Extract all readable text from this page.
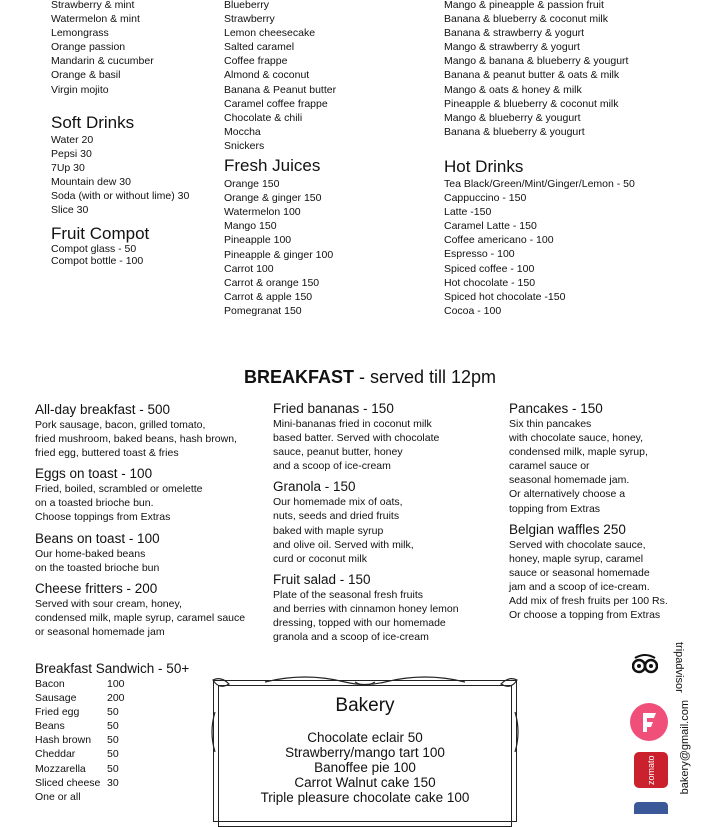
Strawberry & mint
Watermelon & mint
Lemongrass
Orange passion
Mandarin & cucumber
Orange & basil
Virgin mojito
Soft Drinks
Water 20
Pepsi 30
7Up 30
Mountain dew 30
Soda (with or without lime) 30
Slice 30
Fruit Compot
Compot glass - 50
Compot bottle - 100
Blueberry
Strawberry
Lemon cheesecake
Salted caramel
Coffee frappe
Almond & coconut
Banana & Peanut butter
Caramel coffee frappe
Chocolate & chili
Moccha
Snickers
Fresh Juices
Orange 150
Orange & ginger 150
Watermelon 100
Mango 150
Pineapple 100
Pineapple & ginger 100
Carrot 100
Carrot & orange 150
Carrot & apple 150
Pomegranat 150
Mango & pineapple & passion fruit
Banana & blueberry & coconut milk
Banana & strawberry & yogurt
Mango & strawberry & yogurt
Mango & banana & blueberry & yougurt
Banana & peanut butter & oats & milk
Mango & oats & honey & milk
Pineapple & blueberry & coconut milk
Mango & blueberry & yougurt
Banana & blueberry & yougurt
Hot Drinks
Tea Black/Green/Mint/Ginger/Lemon - 50
Cappuccino - 150
Latte -150
Caramel Latte - 150
Coffee americano - 100
Espresso - 100
Spiced coffee - 100
Hot chocolate - 150
Spiced hot chocolate -150
Cocoa - 100
BREAKFAST - served till 12pm
All-day breakfast - 500
Pork sausage, bacon, grilled tomato,
fried mushroom, baked beans, hash brown,
fried egg, buttered toast & fries
Eggs on toast - 100
Fried, boiled, scrambled or omelette
on a toasted brioche bun.
Choose toppings from Extras
Beans on toast - 100
Our home-baked beans
on the toasted brioche bun
Cheese fritters - 200
Served with sour cream, honey,
condensed milk, maple syrup, caramel sauce
or seasonal homemade jam
Fried bananas - 150
Mini-bananas fried in coconut milk
based batter. Served with chocolate
sauce, peanut butter, honey
and a scoop of ice-cream
Granola - 150
Our homemade mix of oats,
nuts, seeds and dried fruits
baked with maple syrup
and olive oil. Served with milk,
curd or coconut milk
Fruit salad - 150
Plate of the seasonal fresh fruits
and berries with cinnamon honey lemon
dressing, topped with our homemade
granola and a scoop of ice-cream
Pancakes - 150
Six thin pancakes
with chocolate sauce, honey,
condensed milk, maple syrup,
caramel sauce or
seasonal homemade jam.
Or alternatively choose a
topping from Extras
Belgian waffles 250
Served with chocolate sauce,
honey, maple syrup, caramel
sauce or seasonal homemade
jam and a scoop of ice-cream.
Add mix of fresh fruits per 100 Rs.
Or choose a topping from Extras
Breakfast Sandwich - 50+
Bacon	100
Sausage	200
Fried egg	50
Beans	50
Hash brown	50
Cheddar	50
Mozzarella	50
Sliced cheese	30
One or all
Bakery
Chocolate eclair 50
Strawberry/mango tart 100
Banoffee pie 100
Carrot Walnut cake 150
Triple pleasure chocolate cake 100
tripadvisor
zomato bakery@gmail.com
